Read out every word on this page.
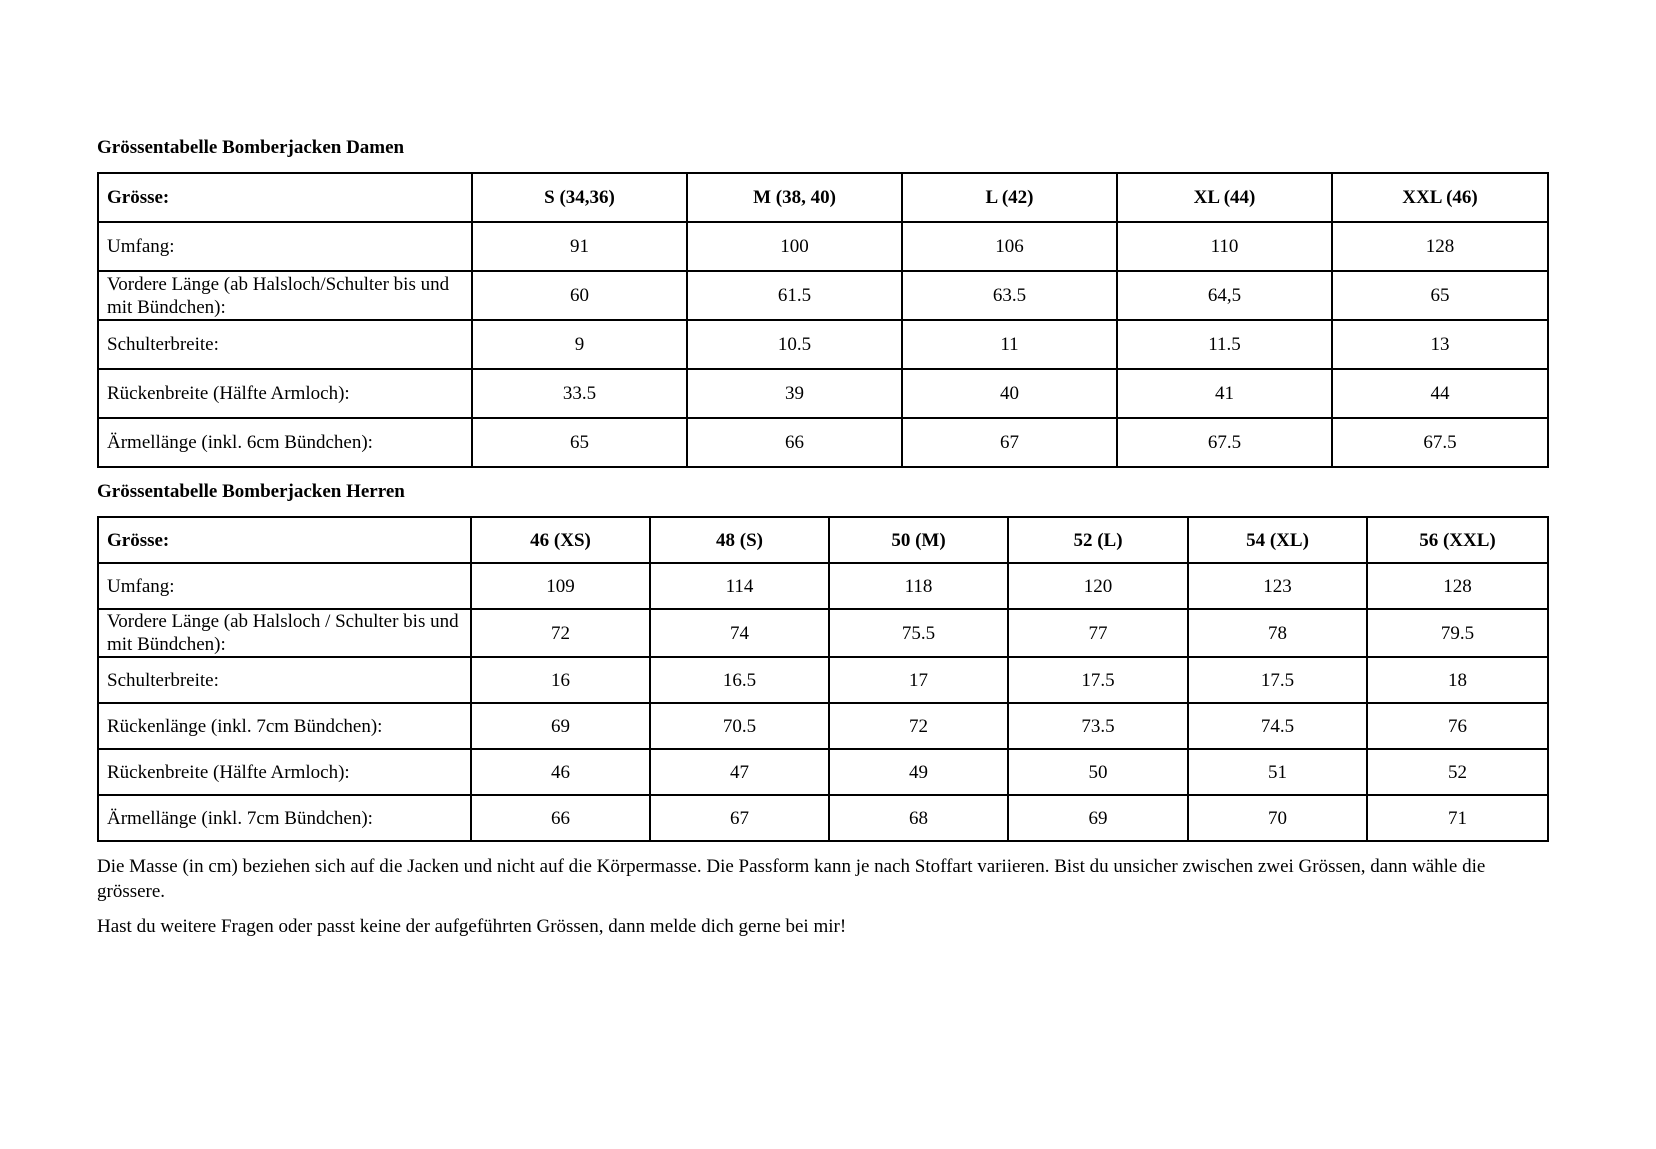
Grössentabelle Bomberjacken Damen
Grösse:	S (34,36)	M (38, 40)	L (42)	XL (44)	XXL (46)
Umfang:	91	100	106	110	128
Vordere Länge (ab Halsloch/Schulter bis und mit Bündchen):	60	61.5	63.5	64,5	65
Schulterbreite:	9	10.5	11	11.5	13
Rückenbreite (Hälfte Armloch):	33.5	39	40	41	44
Ärmellänge (inkl. 6cm Bündchen):	65	66	67	67.5	67.5
Grössentabelle Bomberjacken Herren
Grösse:	46 (XS)	48 (S)	50 (M)	52 (L)	54 (XL)	56 (XXL)
Umfang:	109	114	118	120	123	128
Vordere Länge (ab Halsloch / Schulter bis und mit Bündchen):	72	74	75.5	77	78	79.5
Schulterbreite:	16	16.5	17	17.5	17.5	18
Rückenlänge (inkl. 7cm Bündchen):	69	70.5	72	73.5	74.5	76
Rückenbreite (Hälfte Armloch):	46	47	49	50	51	52
Ärmellänge (inkl. 7cm Bündchen):	66	67	68	69	70	71

Die Masse (in cm) beziehen sich auf die Jacken und nicht auf die Körpermasse. Die Passform kann je nach Stoffart variieren. Bist du unsicher zwischen zwei Grössen, dann wähle die grössere.

Hast du weitere Fragen oder passt keine der aufgeführten Grössen, dann melde dich gerne bei mir!
